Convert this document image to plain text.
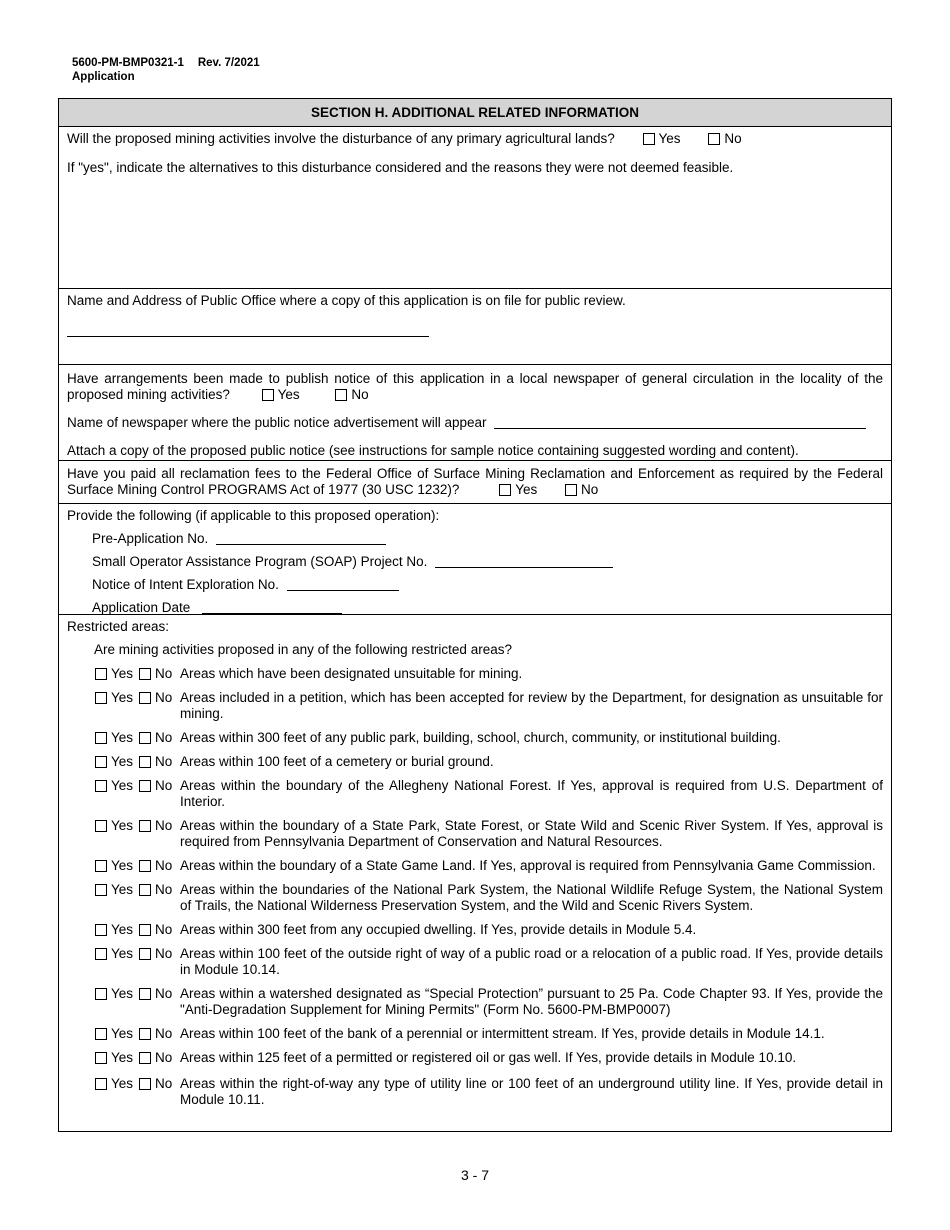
5600-PM-BMP0321-1 Rev. 7/2021
Application
SECTION H. ADDITIONAL RELATED INFORMATION
Will the proposed mining activities involve the disturbance of any primary agricultural lands?	Yes	No
If "yes", indicate the alternatives to this disturbance considered and the reasons they were not deemed feasible.
Name and Address of Public Office where a copy of this application is on file for public review.
Have arrangements been made to publish notice of this application in a local newspaper of general circulation in the locality of the proposed mining activities?	Yes	No
Name of newspaper where the public notice advertisement will appear
Attach a copy of the proposed public notice (see instructions for sample notice containing suggested wording and content).
Have you paid all reclamation fees to the Federal Office of Surface Mining Reclamation and Enforcement as required by the Federal Surface Mining Control PROGRAMS Act of 1977 (30 USC 1232)?	Yes	No
Provide the following (if applicable to this proposed operation):
Pre-Application No.
Small Operator Assistance Program (SOAP) Project No.
Notice of Intent Exploration No.
Application Date
Restricted areas:
Are mining activities proposed in any of the following restricted areas?
Yes No Areas which have been designated unsuitable for mining.
Yes No Areas included in a petition, which has been accepted for review by the Department, for designation as unsuitable for mining.
Yes No Areas within 300 feet of any public park, building, school, church, community, or institutional building.
Yes No Areas within 100 feet of a cemetery or burial ground.
Yes No Areas within the boundary of the Allegheny National Forest. If Yes, approval is required from U.S. Department of Interior.
Yes No Areas within the boundary of a State Park, State Forest, or State Wild and Scenic River System. If Yes, approval is required from Pennsylvania Department of Conservation and Natural Resources.
Yes No Areas within the boundary of a State Game Land. If Yes, approval is required from Pennsylvania Game Commission.
Yes No Areas within the boundaries of the National Park System, the National Wildlife Refuge System, the National System of Trails, the National Wilderness Preservation System, and the Wild and Scenic Rivers System.
Yes No Areas within 300 feet from any occupied dwelling. If Yes, provide details in Module 5.4.
Yes No Areas within 100 feet of the outside right of way of a public road or a relocation of a public road. If Yes, provide details in Module 10.14.
Yes No Areas within a watershed designated as “Special Protection” pursuant to 25 Pa. Code Chapter 93. If Yes, provide the "Anti-Degradation Supplement for Mining Permits" (Form No. 5600-PM-BMP0007)
Yes No Areas within 100 feet of the bank of a perennial or intermittent stream. If Yes, provide details in Module 14.1.
Yes No Areas within 125 feet of a permitted or registered oil or gas well. If Yes, provide details in Module 10.10.
Yes No Areas within the right-of-way any type of utility line or 100 feet of an underground utility line. If Yes, provide detail in Module 10.11.
3 - 7
